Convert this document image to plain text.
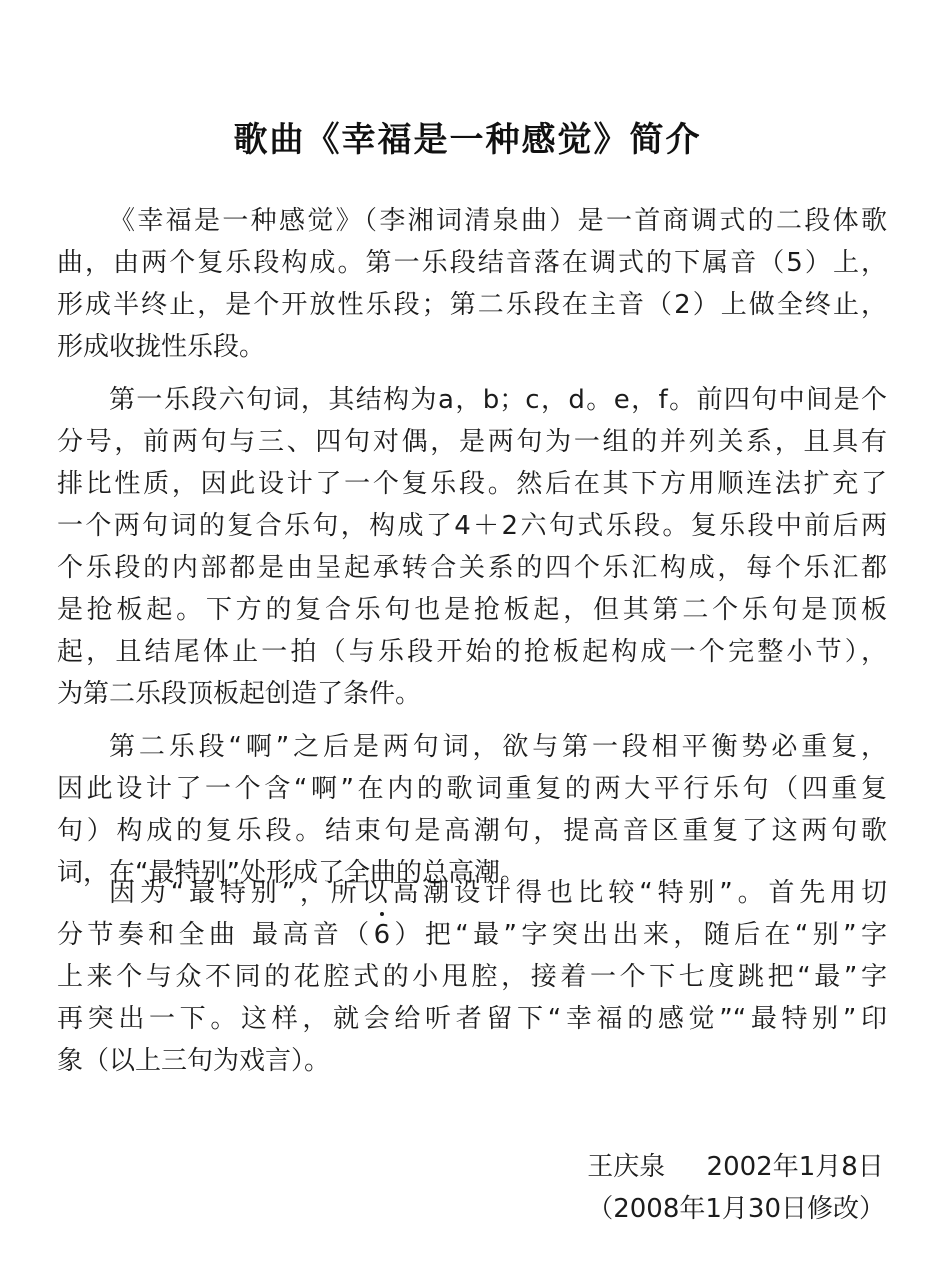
歌曲《幸福是一种感觉》简介
《幸福是一种感觉》（李湘词清泉曲）是一首商调式的二段体歌
曲，由两个复乐段构成。第一乐段结音落在调式的下属音（5）上，
形成半终止，是个开放性乐段；第二乐段在主音（2）上做全终止，
形成收拢性乐段。
第一乐段六句词，其结构为a，b；c，d。e，f。前四句中间是个
分号，前两句与三、四句对偶，是两句为一组的并列关系，且具有
排比性质，因此设计了一个复乐段。然后在其下方用顺连法扩充了
一个两句词的复合乐句，构成了4＋2六句式乐段。复乐段中前后两
个乐段的内部都是由呈起承转合关系的四个乐汇构成，每个乐汇都
是抢板起。下方的复合乐句也是抢板起，但其第二个乐句是顶板
起，且结尾体止一拍（与乐段开始的抢板起构成一个完整小节），
为第二乐段顶板起创造了条件。
第二乐段“啊”之后是两句词，欲与第一段相平衡势必重复，
因此设计了一个含“啊”在内的歌词重复的两大平行乐句（四重复
句）构成的复乐段。结束句是高潮句，提高音区重复了这两句歌
词，在“最特别”处形成了全曲的总高潮。
因为“最特别”，所以高潮设计得也比较“特别”。首先用切
分节奏和全曲 最高音（6）把“最”字突出出来，随后在“别”字
上来个与众不同的花腔式的小甩腔，接着一个下七度跳把“最”字
再突出一下。这样，就会给听者留下“幸福的感觉”“最特别”印
象（以上三句为戏言）。
王庆泉     2002年1月8日
（2008年1月30日修改）
